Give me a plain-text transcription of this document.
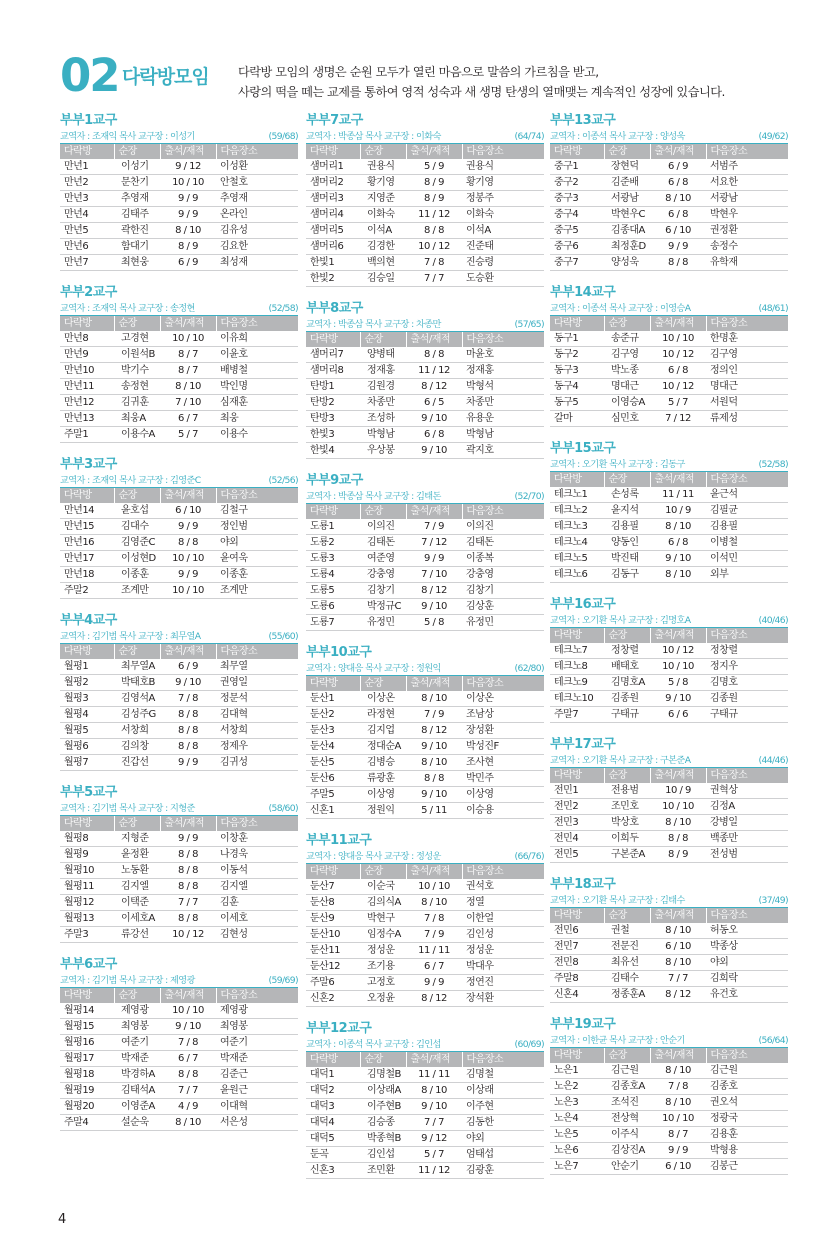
02 다락방모임 다락방 모임의 생명은 순원 모두가 열린 마음으로 말씀의 가르침을 받고,
사랑의 떡을 떼는 교제를 통하여 영적 성숙과 새 생명 탄생의 열매맺는 계속적인 성장에 있습니다.
부부1교구
교역자 : 조재익 목사 교구장 : 이성기	(59/68)
다락방	순장	출석/재적	다음장소
만년1	이성기	9 / 12	이성환
만년2	문찬기	10 / 10	안철호
만년3	추영재	9 / 9	추영재
만년4	김태주	9 / 9	온라인
만년5	곽한진	8 / 10	김유성
만년6	함대기	8 / 9	김요한
만년7	최현웅	6 / 9	최성재
부부2교구
교역자 : 조재익 목사 교구장 : 송정현	(52/58)
다락방	순장	출석/재적	다음장소
만년8	고경현	10 / 10	이유희
만년9	이원석B	8 / 7	이윤호
만년10	박기수	8 / 7	배병철
만년11	송정현	8 / 10	박인명
만년12	김귀훈	7 / 10	심재훈
만년13	최웅A	6 / 7	최웅
주말1	이용수A	5 / 7	이용수
부부3교구
교역자 : 조재익 목사 교구장 : 김영준C	(52/56)
다락방	순장	출석/재적	다음장소
만년14	윤호섭	6 / 10	김철구
만년15	김대수	9 / 9	정인범
만년16	김영준C	8 / 8	야외
만년17	이성현D	10 / 10	윤여욱
만년18	이종훈	9 / 9	이종훈
주말2	조계만	10 / 10	조계만
부부4교구
교역자 : 김기범 목사 교구장 : 최무열A	(55/60)
다락방	순장	출석/재적	다음장소
월평1	최무열A	6 / 9	최무열
월평2	박태호B	9 / 10	권영일
월평3	김영석A	7 / 8	정문석
월평4	김성주G	8 / 8	김대혁
월평5	서창희	8 / 8	서창희
월평6	김의창	8 / 8	정제우
월평7	진갑선	9 / 9	김귀성
부부5교구
교역자 : 김기범 목사 교구장 : 지형준	(58/60)
다락방	순장	출석/재적	다음장소
월평8	지형준	9 / 9	이창훈
월평9	윤정환	8 / 8	나경욱
월평10	노동환	8 / 8	이동석
월평11	김지엘	8 / 8	김지엘
월평12	이택준	7 / 7	김훈
월평13	이세호A	8 / 8	이세호
주말3	류강선	10 / 12	김현성
부부6교구
교역자 : 김기범 목사 교구장 : 제영광	(59/69)
다락방	순장	출석/재적	다음장소
월평14	제영광	10 / 10	제영광
월평15	최영봉	9 / 10	최영봉
월평16	여준기	7 / 8	여준기
월평17	박재준	6 / 7	박재준
월평18	박경하A	8 / 8	김준근
월평19	김태석A	7 / 7	윤원근
월평20	이영준A	4 / 9	이대혁
주말4	설순욱	8 / 10	서은성
부부7교구
교역자 : 박종삼 목사 교구장 : 이화숙	(64/74)
다락방	순장	출석/재적	다음장소
샘머리1	권용식	5 / 9	권용식
샘머리2	황기영	8 / 9	황기영
샘머리3	지영준	8 / 9	정봉주
샘머리4	이화숙	11 / 12	이화숙
샘머리5	이석A	8 / 8	이석A
샘머리6	김경한	10 / 12	진준태
한빛1	백의현	7 / 8	진승령
한빛2	김승일	7 / 7	도승환
부부8교구
교역자 : 박종삼 목사 교구장 : 차종만	(57/65)
다락방	순장	출석/재적	다음장소
샘머리7	양병태	8 / 8	마윤호
샘머리8	정재홍	11 / 12	정재홍
탄방1	김원경	8 / 12	박형석
탄방2	차종만	6 / 5	차종만
탄방3	조성하	9 / 10	유용운
한빛3	박형남	6 / 8	박형남
한빛4	우상봉	9 / 10	곽지호
부부9교구
교역자 : 박종삼 목사 교구장 : 김태돈	(52/70)
다락방	순장	출석/재적	다음장소
도룡1	이의진	7 / 9	이의진
도룡2	김태돈	7 / 12	김태돈
도룡3	여준영	9 / 9	이종복
도룡4	강충영	7 / 10	강충영
도룡5	김창기	8 / 12	김창기
도룡6	박정규C	9 / 10	김상훈
도룡7	유정민	5 / 8	유정민
부부10교구
교역자 : 양대응 목사 교구장 : 정원익	(62/80)
다락방	순장	출석/재적	다음장소
둔산1	이상온	8 / 10	이상온
둔산2	라정현	7 / 9	조남상
둔산3	김지업	8 / 12	장성환
둔산4	정대순A	9 / 10	박성진F
둔산5	김병승	8 / 10	조사현
둔산6	류광훈	8 / 8	박민주
주말5	이상영	9 / 10	이상영
신혼1	정원익	5 / 11	이승용
부부11교구
교역자 : 양대응 목사 교구장 : 정성운	(66/76)
다락방	순장	출석/재적	다음장소
둔산7	이순국	10 / 10	권석호
둔산8	김의식A	8 / 10	정열
둔산9	박현구	7 / 8	이한얼
둔산10	임정수A	7 / 9	김인성
둔산11	정성운	11 / 11	정성운
둔산12	조기용	6 / 7	박대우
주말6	고정호	9 / 9	정연진
신혼2	오정윤	8 / 12	장석환
부부12교구
교역자 : 이종석 목사 교구장 : 김인섭	(60/69)
다락방	순장	출석/재적	다음장소
대덕1	김명철B	11 / 11	김명철
대덕2	이상래A	8 / 10	이상래
대덕3	이주현B	9 / 10	이주현
대덕4	김승종	7 / 7	김동한
대덕5	박종혁B	9 / 12	야외
둔곡	김인섭	5 / 7	엄태섭
신혼3	조민환	11 / 12	김광훈
부부13교구
교역자 : 이종석 목사 교구장 : 양성욱	(49/62)
다락방	순장	출석/재적	다음장소
중구1	장현덕	6 / 9	서범주
중구2	김준배	6 / 8	서요한
중구3	서광남	8 / 10	서광남
중구4	박현우C	6 / 8	박현우
중구5	김종대A	6 / 10	권정환
중구6	최정훈D	9 / 9	송정수
중구7	양성욱	8 / 8	유학재
부부14교구
교역자 : 이종석 목사 교구장 : 이영승A	(48/61)
다락방	순장	출석/재적	다음장소
동구1	송준규	10 / 10	한명훈
동구2	김구영	10 / 12	김구영
동구3	박노종	6 / 8	정의인
동구4	명대근	10 / 12	명대근
동구5	이영승A	5 / 7	서원덕
갈마	심민호	7 / 12	류제성
부부15교구
교역자 : 오기환 목사 교구장 : 김동구	(52/58)
다락방	순장	출석/재적	다음장소
테크노1	손성록	11 / 11	윤근석
테크노2	윤지석	10 / 9	김필균
테크노3	김용필	8 / 10	김용필
테크노4	양동인	6 / 8	이병철
테크노5	박진태	9 / 10	이석민
테크노6	김동구	8 / 10	외부
부부16교구
교역자 : 오기환 목사 교구장 : 김명호A	(40/46)
다락방	순장	출석/재적	다음장소
테크노7	정창렬	10 / 12	정창렬
테크노8	배태호	10 / 10	정지우
테크노9	김명호A	5 / 8	김명호
테크노10	김종원	9 / 10	김종원
주말7	구태규	6 / 6	구태규
부부17교구
교역자 : 오기환 목사 교구장 : 구본준A	(44/46)
다락방	순장	출석/재적	다음장소
전민1	전용범	10 / 9	권혁상
전민2	조민호	10 / 10	김정A
전민3	박상호	8 / 10	강병일
전민4	이희두	8 / 8	백종만
전민5	구본준A	8 / 9	전성범
부부18교구
교역자 : 오기환 목사 교구장 : 김태수	(37/49)
다락방	순장	출석/재적	다음장소
전민6	권철	8 / 10	허동오
전민7	전문진	6 / 10	박종상
전민8	최유선	8 / 10	야외
주말8	김태수	7 / 7	김희락
신혼4	정종훈A	8 / 12	유건호
부부19교구
교역자 : 이한균 목사 교구장 : 안순기	(56/64)
다락방	순장	출석/재적	다음장소
노은1	김근원	8 / 10	김근원
노은2	김종호A	7 / 8	김종호
노은3	조석진	8 / 10	권오석
노은4	전상혁	10 / 10	정광국
노은5	이주식	8 / 7	김용훈
노은6	김상진A	9 / 9	박형용
노은7	안순기	6 / 10	김봉근
4
